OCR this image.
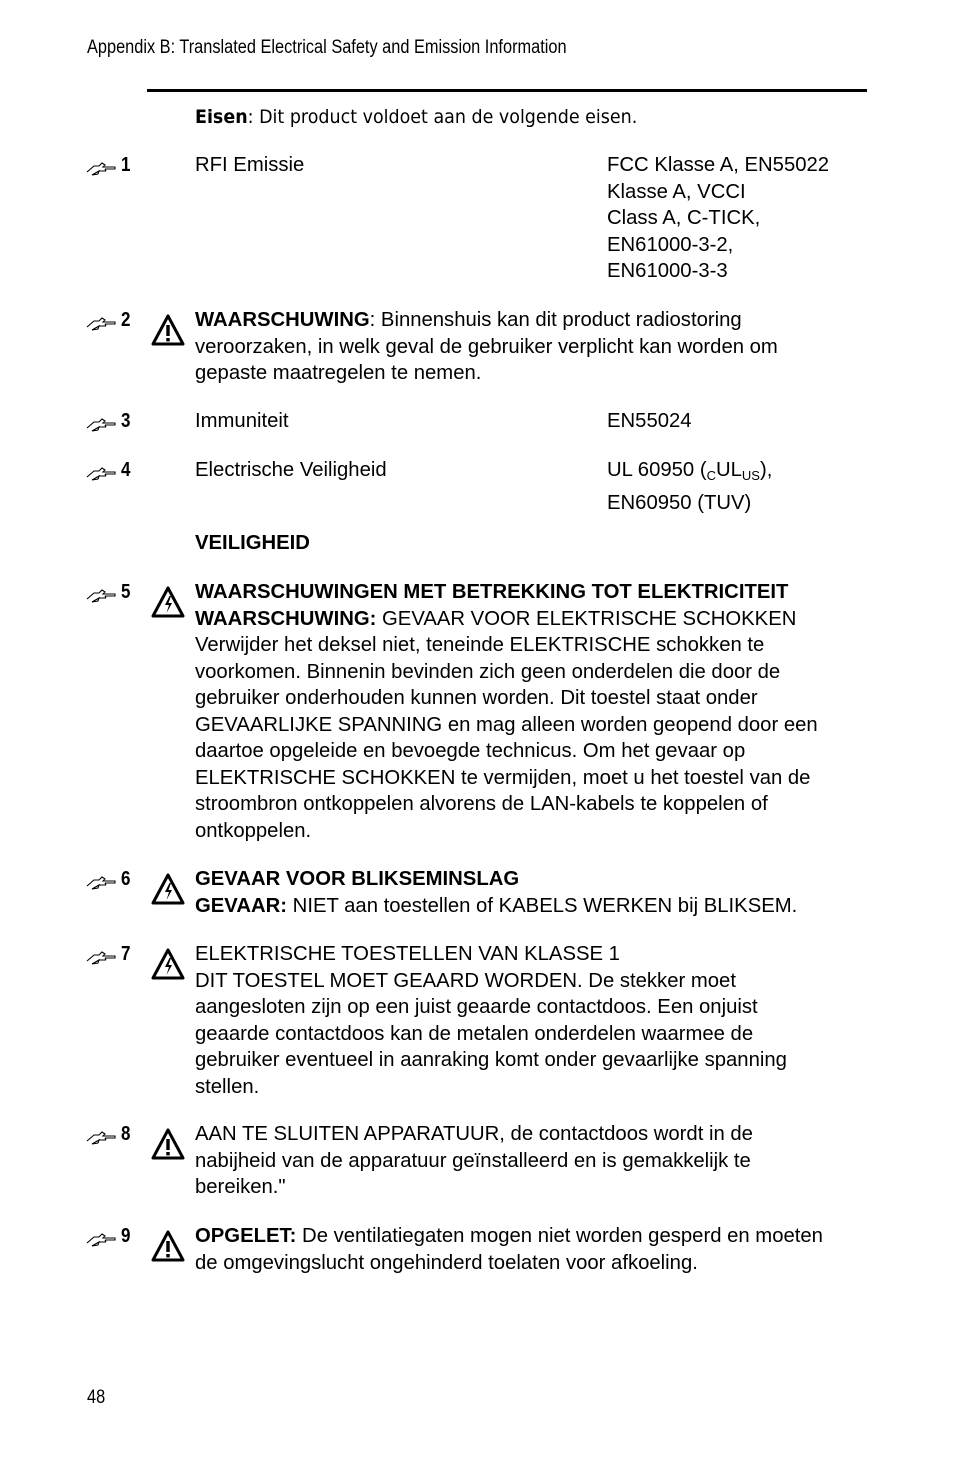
Appendix B: Translated Electrical Safety and Emission Information
Eisen: Dit product voldoet aan de volgende eisen.
1	RFI Emissie	FCC Klasse A, EN55022
Klasse A, VCCI
Class A, C-TICK,
EN61000-3-2,
EN61000-3-3
2	WAARSCHUWING: Binnenshuis kan dit product radiostoring
veroorzaken, in welk geval de gebruiker verplicht kan worden om
gepaste maatregelen te nemen.
3	Immuniteit	EN55024
4	Electrische Veiligheid	UL 60950 $(_CUL_{US})$,
EN60950 (TUV)
VEILIGHEID
5	WAARSCHUWINGEN MET BETREKKING TOT ELEKTRICITEIT
WAARSCHUWING: GEVAAR VOOR ELEKTRISCHE SCHOKKEN
Verwijder het deksel niet, teneinde ELEKTRISCHE schokken te
voorkomen. Binnenin bevinden zich geen onderdelen die door de
gebruiker onderhouden kunnen worden. Dit toestel staat onder
GEVAARLIJKE SPANNING en mag alleen worden geopend door een
daartoe opgeleide en bevoegde technicus. Om het gevaar op
ELEKTRISCHE SCHOKKEN te vermijden, moet u het toestel van de
stroombron ontkoppelen alvorens de LAN-kabels te koppelen of
ontkoppelen.
6	GEVAAR VOOR BLIKSEMINSLAG
GEVAAR: NIET aan toestellen of KABELS WERKEN bij BLIKSEM.
7	ELEKTRISCHE TOESTELLEN VAN KLASSE 1
DIT TOESTEL MOET GEAARD WORDEN. De stekker moet
aangesloten zijn op een juist geaarde contactdoos. Een onjuist
geaarde contactdoos kan de metalen onderdelen waarmee de
gebruiker eventueel in aanraking komt onder gevaarlijke spanning
stellen.
8	AAN TE SLUITEN APPARATUUR, de contactdoos wordt in de
nabijheid van de apparatuur geïnstalleerd en is gemakkelijk te
bereiken."
9	OPGELET: De ventilatiegaten mogen niet worden gesperd en moeten
de omgevingslucht ongehinderd toelaten voor afkoeling.
48
